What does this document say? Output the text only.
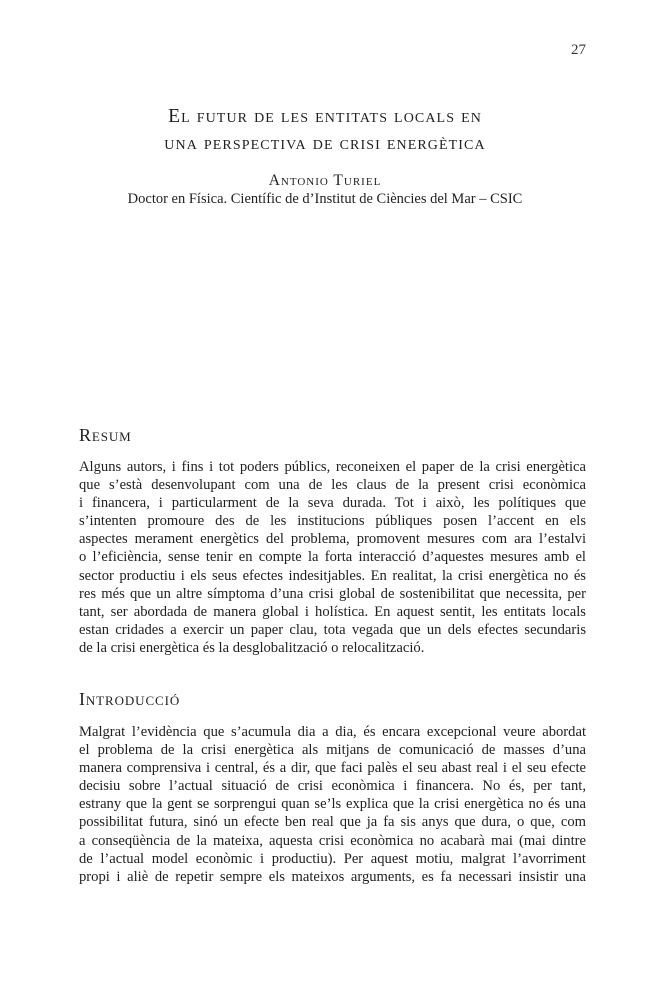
27
El futur de les entitats locals en
una perspectiva de crisi energètica
Antonio Turiel
Doctor en Física. Científic de d’Institut de Ciències del Mar – CSIC
Resum
Alguns autors, i fins i tot poders públics, reconeixen el paper de la crisi energètica
que s’està desenvolupant com una de les claus de la present crisi econòmica
i financera, i particularment de la seva durada. Tot i això, les polítiques que
s’intenten promoure des de les institucions públiques posen l’accent en els
aspectes merament energètics del problema, promovent mesures com ara l’estalvi
o l’eficiència, sense tenir en compte la forta interacció d’aquestes mesures amb el
sector productiu i els seus efectes indesitjables. En realitat, la crisi energètica no és
res més que un altre símptoma d’una crisi global de sostenibilitat que necessita, per
tant, ser abordada de manera global i holística. En aquest sentit, les entitats locals
estan cridades a exercir un paper clau, tota vegada que un dels efectes secundaris
de la crisi energètica és la desglobalització o relocalització.
Introducció
Malgrat l’evidència que s’acumula dia a dia, és encara excepcional veure abordat
el problema de la crisi energètica als mitjans de comunicació de masses d’una
manera comprensiva i central, és a dir, que faci palès el seu abast real i el seu efecte
decisiu sobre l’actual situació de crisi econòmica i financera. No és, per tant,
estrany que la gent se sorprengui quan se’ls explica que la crisi energètica no és una
possibilitat futura, sinó un efecte ben real que ja fa sis anys que dura, o que, com
a conseqüència de la mateixa, aquesta crisi econòmica no acabarà mai (mai dintre
de l’actual model econòmic i productiu). Per aquest motiu, malgrat l’avorriment
propi i aliè de repetir sempre els mateixos arguments, es fa necessari insistir una
